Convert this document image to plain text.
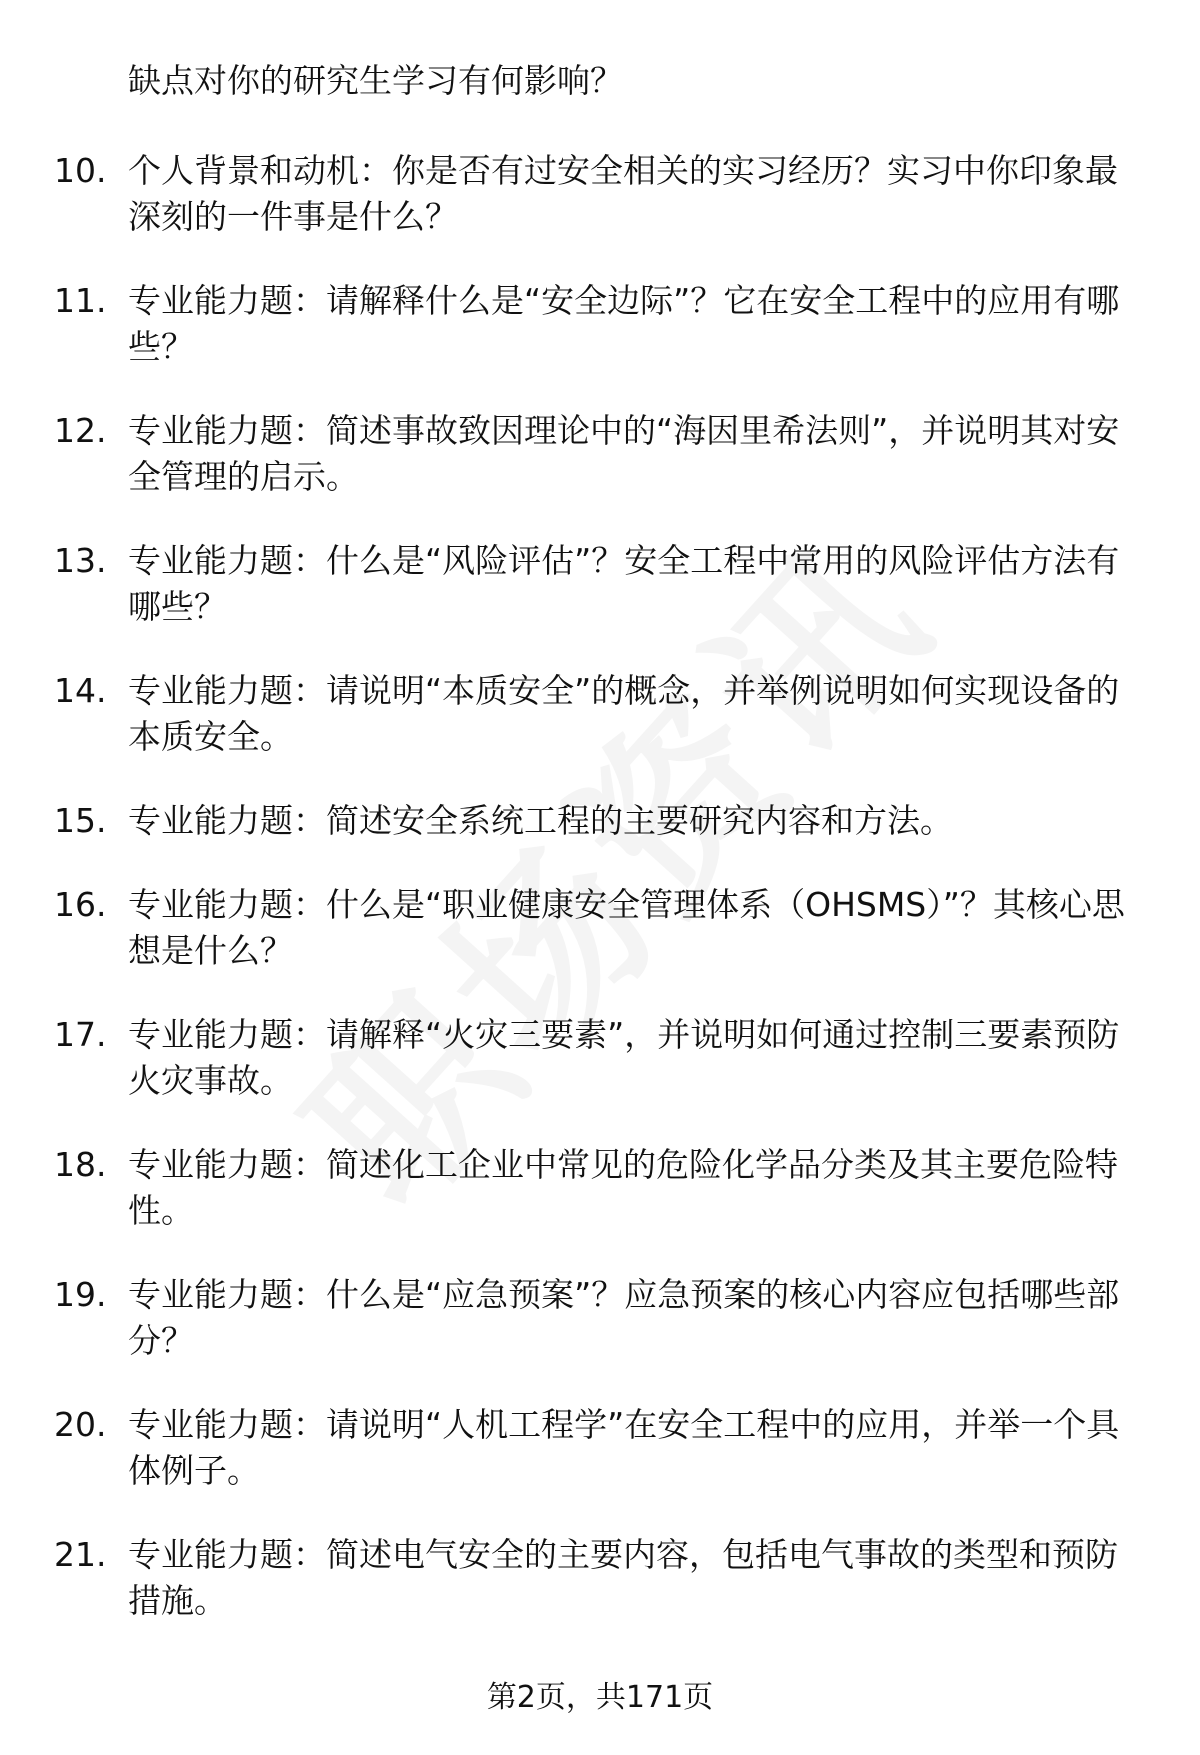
缺点对你的研究生学习有何影响？
10. 个人背景和动机：你是否有过安全相关的实习经历？实习中你印象最深刻的一件事是什么？
11. 专业能力题：请解释什么是“安全边际”？它在安全工程中的应用有哪些？
12. 专业能力题：简述事故致因理论中的“海因里希法则”，并说明其对安全管理的启示。
13. 专业能力题：什么是“风险评估”？安全工程中常用的风险评估方法有哪些？
14. 专业能力题：请说明“本质安全”的概念，并举例说明如何实现设备的本质安全。
15. 专业能力题：简述安全系统工程的主要研究内容和方法。
16. 专业能力题：什么是“职业健康安全管理体系（OHSMS）”？其核心思想是什么？
17. 专业能力题：请解释“火灾三要素”，并说明如何通过控制三要素预防火灾事故。
18. 专业能力题：简述化工企业中常见的危险化学品分类及其主要危险特性。
19. 专业能力题：什么是“应急预案”？应急预案的核心内容应包括哪些部分？
20. 专业能力题：请说明“人机工程学”在安全工程中的应用，并举一个具体例子。
21. 专业能力题：简述电气安全的主要内容，包括电气事故的类型和预防措施。
第2页，共171页
